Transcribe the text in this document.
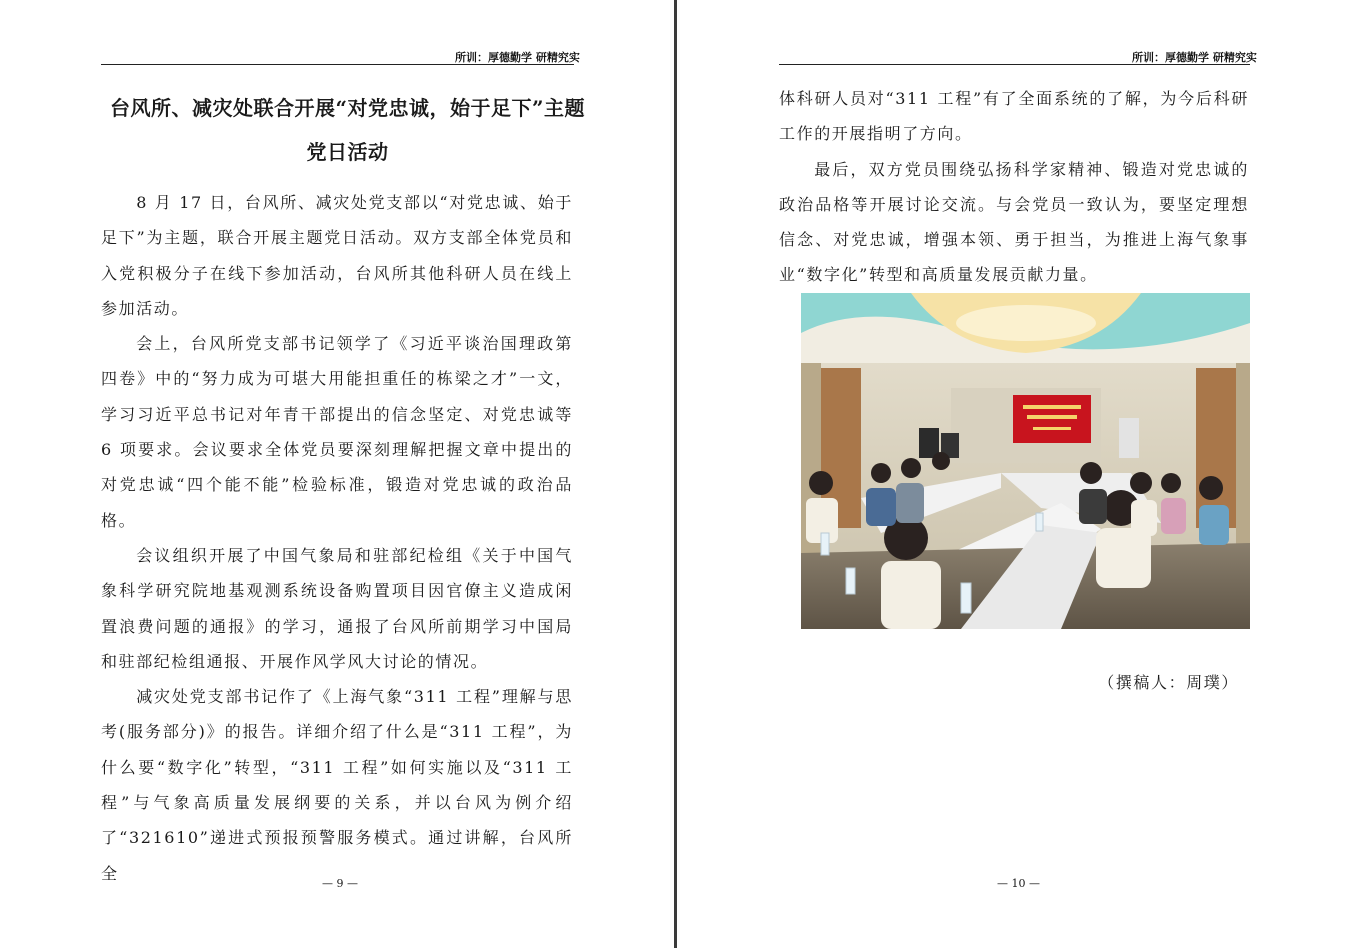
所训：厚德勤学 研精究实
台风所、减灾处联合开展“对党忠诚，始于足下”主题党日活动

8 月 17 日，台风所、减灾处党支部以“对党忠诚、始于足下”为主题，联合开展主题党日活动。双方支部全体党员和入党积极分子在线下参加活动，台风所其他科研人员在线上参加活动。

会上，台风所党支部书记领学了《习近平谈治国理政第四卷》中的“努力成为可堪大用能担重任的栋梁之才”一文，学习习近平总书记对年青干部提出的信念坚定、对党忠诚等 6 项要求。会议要求全体党员要深刻理解把握文章中提出的对党忠诚“四个能不能”检验标准，锻造对党忠诚的政治品格。

会议组织开展了中国气象局和驻部纪检组《关于中国气象科学研究院地基观测系统设备购置项目因官僚主义造成闲置浪费问题的通报》的学习，通报了台风所前期学习中国局和驻部纪检组通报、开展作风学风大讨论的情况。

减灾处党支部书记作了《上海气象“311 工程”理解与思考(服务部分)》的报告。详细介绍了什么是“311 工程”，为什么要“数字化”转型，“311 工程”如何实施以及“311 工程”与气象高质量发展纲要的关系，并以台风为例介绍了“321610”递进式预报预警服务模式。通过讲解，台风所全

— 9 —
所训：厚德勤学 研精究实
— 10 —

体科研人员对“311 工程”有了全面系统的了解，为今后科研工作的开展指明了方向。

最后，双方党员围绕弘扬科学家精神、锻造对党忠诚的政治品格等开展讨论交流。与会党员一致认为，要坚定理想信念、对党忠诚，增强本领、勇于担当，为推进上海气象事业“数字化”转型和高质量发展贡献力量。

（撰稿人：周璞）
